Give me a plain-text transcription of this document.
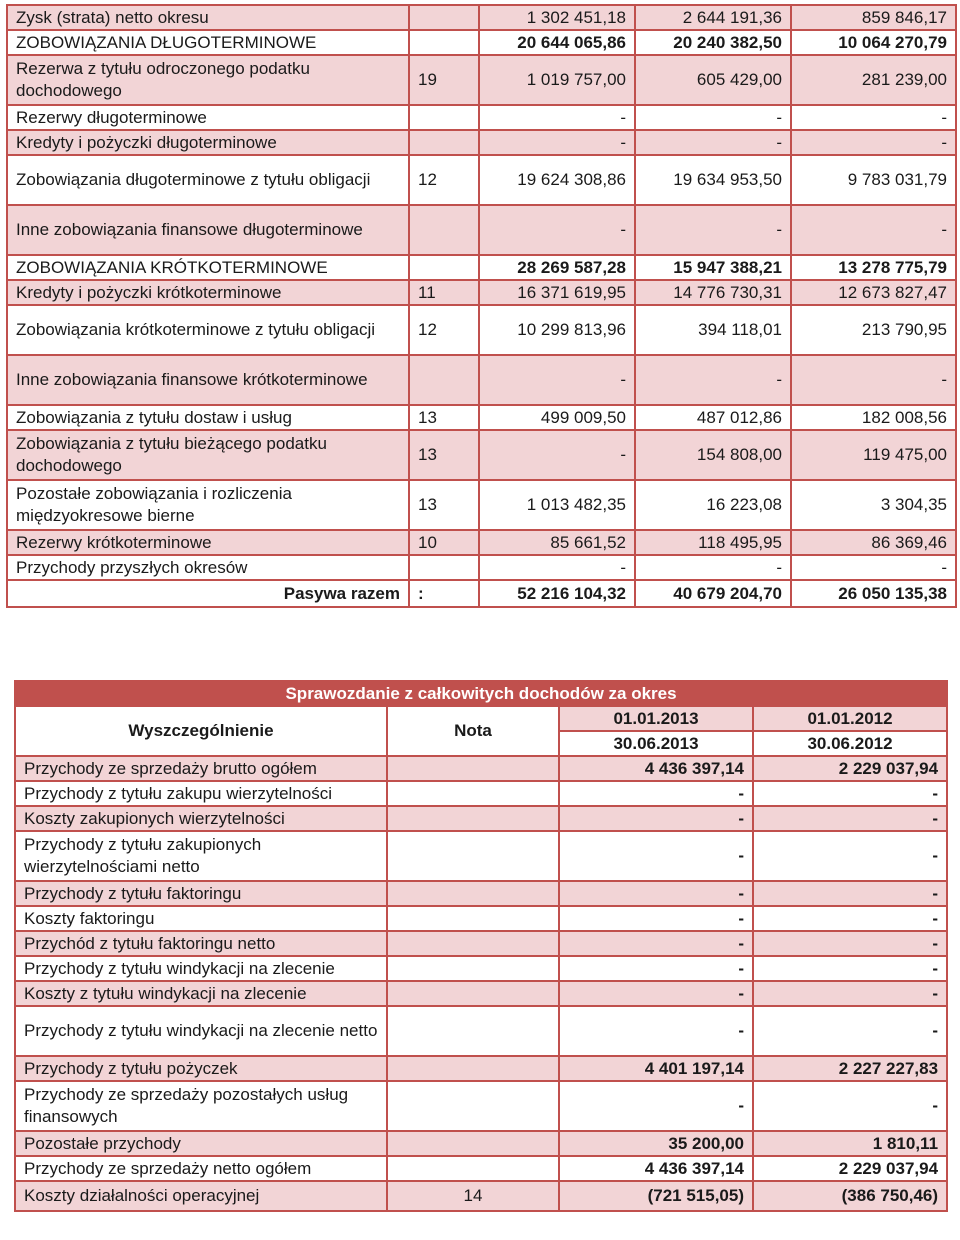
Zysk (strata) netto okresu		1 302 451,18	2 644 191,36	859 846,17
ZOBOWIĄZANIA DŁUGOTERMINOWE		20 644 065,86	20 240 382,50	10 064 270,79
Rezerwa z tytułu odroczonego podatku dochodowego	19	1 019 757,00	605 429,00	281 239,00
Rezerwy długoterminowe		-	-	-
Kredyty i pożyczki długoterminowe		-	-	-
Zobowiązania długoterminowe z tytułu obligacji	12	19 624 308,86	19 634 953,50	9 783 031,79
Inne zobowiązania finansowe długoterminowe		-	-	-
ZOBOWIĄZANIA KRÓTKOTERMINOWE		28 269 587,28	15 947 388,21	13 278 775,79
Kredyty i pożyczki krótkoterminowe	11	16 371 619,95	14 776 730,31	12 673 827,47
Zobowiązania krótkoterminowe z tytułu obligacji	12	10 299 813,96	394 118,01	213 790,95
Inne zobowiązania finansowe krótkoterminowe		-	-	-
Zobowiązania z tytułu dostaw i usług	13	499 009,50	487 012,86	182 008,56
Zobowiązania z tytułu bieżącego podatku dochodowego	13	-	154 808,00	119 475,00
Pozostałe zobowiązania i rozliczenia międzyokresowe bierne	13	1 013 482,35	16 223,08	3 304,35
Rezerwy krótkoterminowe	10	85 661,52	118 495,95	86 369,46
Przychody przyszłych okresów		-	-	-
Pasywa razem	:	52 216 104,32	40 679 204,70	26 050 135,38
Sprawozdanie z całkowitych dochodów za okres			
Wyszczególnienie	Nota	01.01.2013	01.01.2012
		30.06.2013	30.06.2012
Przychody ze sprzedaży brutto ogółem		4 436 397,14	2 229 037,94
Przychody z tytułu zakupu wierzytelności		-	-
Koszty zakupionych wierzytelności		-	-
Przychody z tytułu zakupionych wierzytelnościami netto		-	-
Przychody z tytułu faktoringu		-	-
Koszty faktoringu		-	-
Przychód z tytułu faktoringu netto		-	-
Przychody z tytułu windykacji na zlecenie		-	-
Koszty z tytułu windykacji na zlecenie		-	-
Przychody z tytułu windykacji na zlecenie netto		-	-
Przychody z tytułu pożyczek		4 401 197,14	2 227 227,83
Przychody ze sprzedaży pozostałych usług finansowych		-	-
Pozostałe przychody		35 200,00	1 810,11
Przychody ze sprzedaży netto ogółem		4 436 397,14	2 229 037,94
Koszty działalności operacyjnej	14	(721 515,05)	(386 750,46)
